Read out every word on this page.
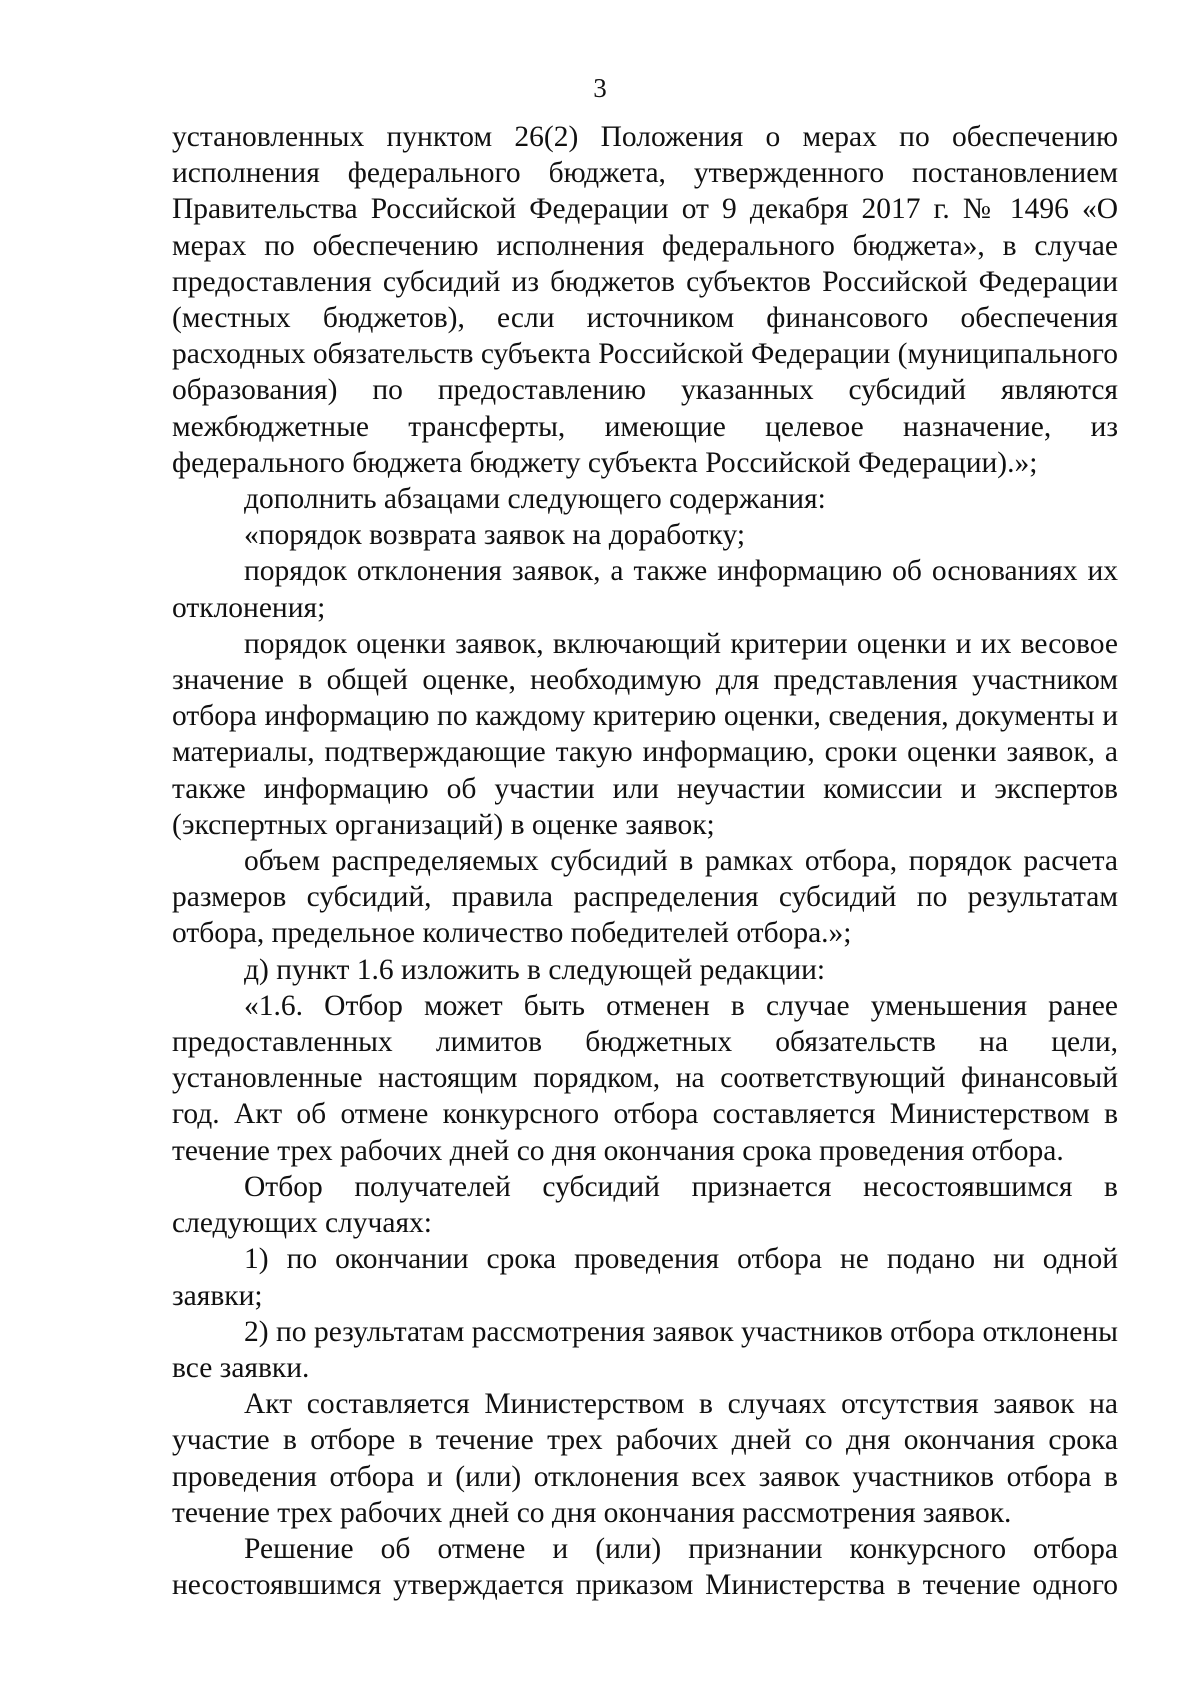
3

установленных пунктом 26(2) Положения о мерах по обеспечению исполнения федерального бюджета, утвержденного постановлением Правительства Российской Федерации от 9 декабря 2017 г. № 1496 «О мерах по обеспечению исполнения федерального бюджета», в случае предоставления субсидий из бюджетов субъектов Российской Федерации (местных бюджетов), если источником финансового обеспечения расходных обязательств субъекта Российской Федерации (муниципального образования) по предоставлению указанных субсидий являются межбюджетные трансферты, имеющие целевое назначение, из федерального бюджета бюджету субъекта Российской Федерации).»;

дополнить абзацами следующего содержания:

«порядок возврата заявок на доработку;

порядок отклонения заявок, а также информацию об основаниях их отклонения;

порядок оценки заявок, включающий критерии оценки и их весовое значение в общей оценке, необходимую для представления участником отбора информацию по каждому критерию оценки, сведения, документы и материалы, подтверждающие такую информацию, сроки оценки заявок, а также информацию об участии или неучастии комиссии и экспертов (экспертных организаций) в оценке заявок;

объем распределяемых субсидий в рамках отбора, порядок расчета размеров субсидий, правила распределения субсидий по результатам отбора, предельное количество победителей отбора.»;

д) пункт 1.6 изложить в следующей редакции:

«1.6. Отбор может быть отменен в случае уменьшения ранее предоставленных лимитов бюджетных обязательств на цели, установленные настоящим порядком, на соответствующий финансовый год. Акт об отмене конкурсного отбора составляется Министерством в течение трех рабочих дней со дня окончания срока проведения отбора.

Отбор получателей субсидий признается несостоявшимся в следующих случаях:

1) по окончании срока проведения отбора не подано ни одной заявки;

2) по результатам рассмотрения заявок участников отбора отклонены все заявки.

Акт составляется Министерством в случаях отсутствия заявок на участие в отборе в течение трех рабочих дней со дня окончания срока проведения отбора и (или) отклонения всех заявок участников отбора в течение трех рабочих дней со дня окончания рассмотрения заявок.

Решение об отмене и (или) признании конкурсного отбора несостоявшимся утверждается приказом Министерства в течение одного
